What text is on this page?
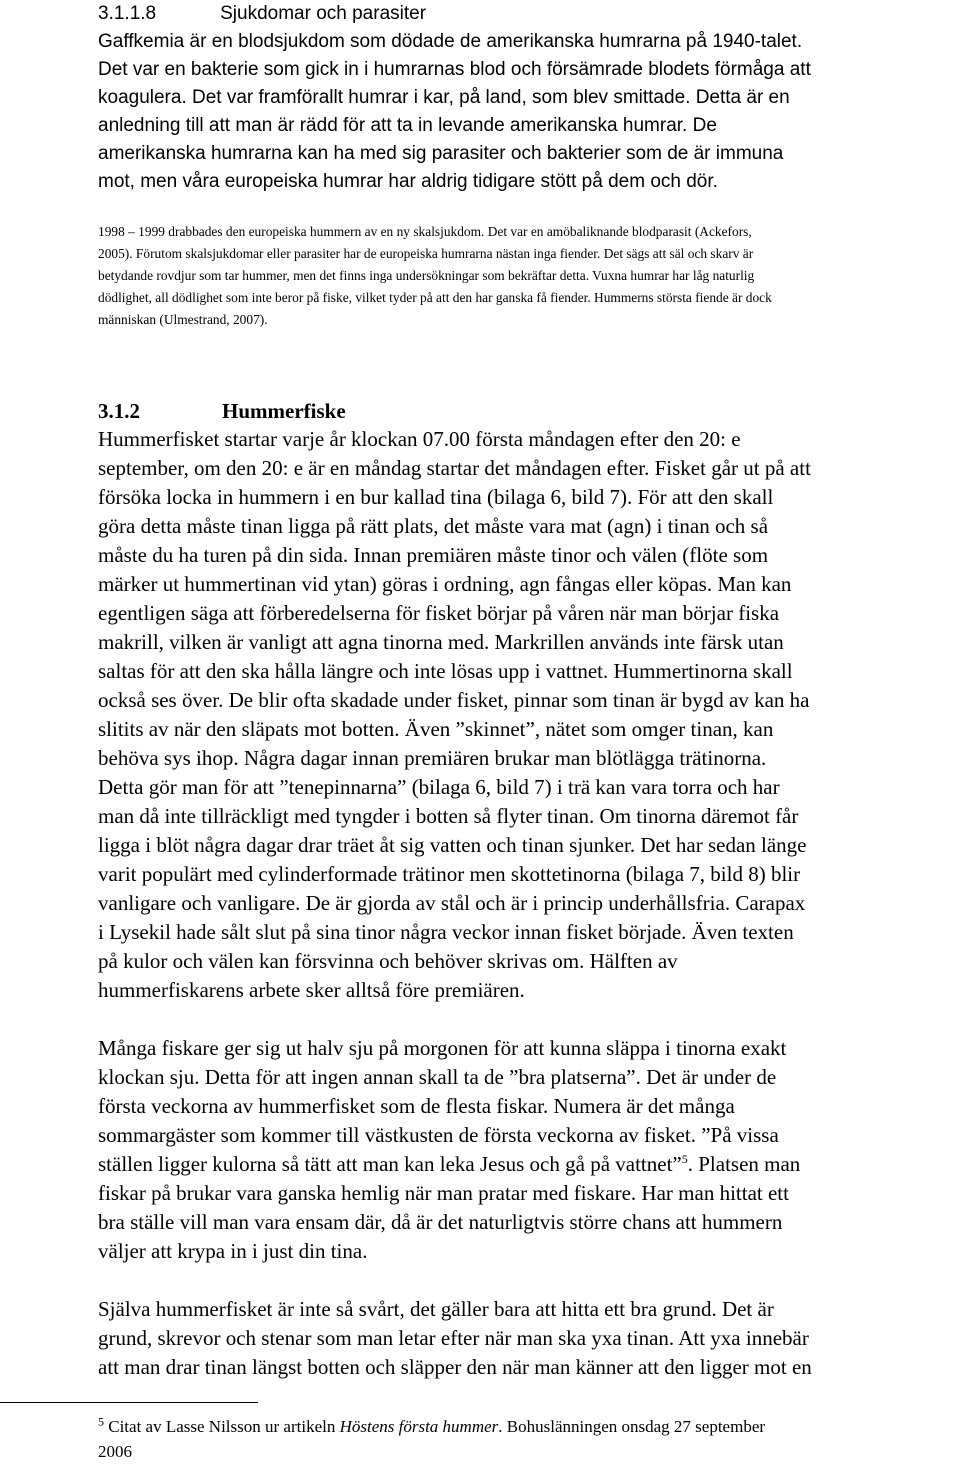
3.1.1.8	Sjukdomar och parasiter

Gaffkemia är en blodsjukdom som dödade de amerikanska humrarna på 1940-talet.

Det var en bakterie som gick in i humrarnas blod och försämrade blodets förmåga att

koagulera. Det var framförallt humrar i kar, på land, som blev smittade. Detta är en

anledning till att man är rädd för att ta in levande amerikanska humrar. De

amerikanska humrarna kan ha med sig parasiter och bakterier som de är immuna

mot, men våra europeiska humrar har aldrig tidigare stött på dem och dör.

1998 – 1999 drabbades den europeiska hummern av en ny skalsjukdom. Det var en amöbaliknande blodparasit (Ackefors,

2005). Förutom skalsjukdomar eller parasiter har de europeiska humrarna nästan inga fiender. Det sägs att säl och skarv är

betydande rovdjur som tar hummer, men det finns inga undersökningar som bekräftar detta. Vuxna humrar har låg naturlig

dödlighet, all dödlighet som inte beror på fiske, vilket tyder på att den har ganska få fiender. Hummerns största fiende är dock

människan (Ulmestrand, 2007).

3.1.2	Hummerfiske

Hummerfisket startar varje år klockan 07.00 första måndagen efter den 20: e

september, om den 20: e är en måndag startar det måndagen efter. Fisket går ut på att

försöka locka in hummern i en bur kallad tina (bilaga 6, bild 7). För att den skall

göra detta måste tinan ligga på rätt plats, det måste vara mat (agn) i tinan och så

måste du ha turen på din sida. Innan premiären måste tinor och välen (flöte som

märker ut hummertinan vid ytan) göras i ordning, agn fångas eller köpas. Man kan

egentligen säga att förberedelserna för fisket börjar på våren när man börjar fiska

makrill, vilken är vanligt att agna tinorna med. Markrillen används inte färsk utan

saltas för att den ska hålla längre och inte lösas upp i vattnet. Hummertinorna skall

också ses över. De blir ofta skadade under fisket, pinnar som tinan är bygd av kan ha

slitits av när den släpats mot botten. Även ”skinnet”, nätet som omger tinan, kan

behöva sys ihop. Några dagar innan premiären brukar man blötlägga trätinorna.

Detta gör man för att ”tenepinnarna” (bilaga 6, bild 7) i trä kan vara torra och har

man då inte tillräckligt med tyngder i botten så flyter tinan. Om tinorna däremot får

ligga i blöt några dagar drar träet åt sig vatten och tinan sjunker. Det har sedan länge

varit populärt med cylinderformade trätinor men skottetinorna (bilaga 7, bild 8) blir

vanligare och vanligare. De är gjorda av stål och är i princip underhållsfria. Carapax

i Lysekil hade sålt slut på sina tinor några veckor innan fisket började. Även texten

på kulor och välen kan försvinna och behöver skrivas om. Hälften av

hummerfiskarens arbete sker alltså före premiären.

Många fiskare ger sig ut halv sju på morgonen för att kunna släppa i tinorna exakt

klockan sju. Detta för att ingen annan skall ta de ”bra platserna”. Det är under de

första veckorna av hummerfisket som de flesta fiskar. Numera är det många

sommargäster som kommer till västkusten de första veckorna av fisket. ”På vissa

ställen ligger kulorna så tätt att man kan leka Jesus och gå på vattnet”$^5$. Platsen man

fiskar på brukar vara ganska hemlig när man pratar med fiskare. Har man hittat ett

bra ställe vill man vara ensam där, då är det naturligtvis större chans att hummern

väljer att krypa in i just din tina.

Själva hummerfisket är inte så svårt, det gäller bara att hitta ett bra grund. Det är

grund, skrevor och stenar som man letar efter när man ska yxa tinan. Att yxa innebär

att man drar tinan längst botten och släpper den när man känner att den ligger mot en

$^5$ Citat av Lasse Nilsson ur artikeln Höstens första hummer. Bohuslänningen onsdag 27 september

2006
